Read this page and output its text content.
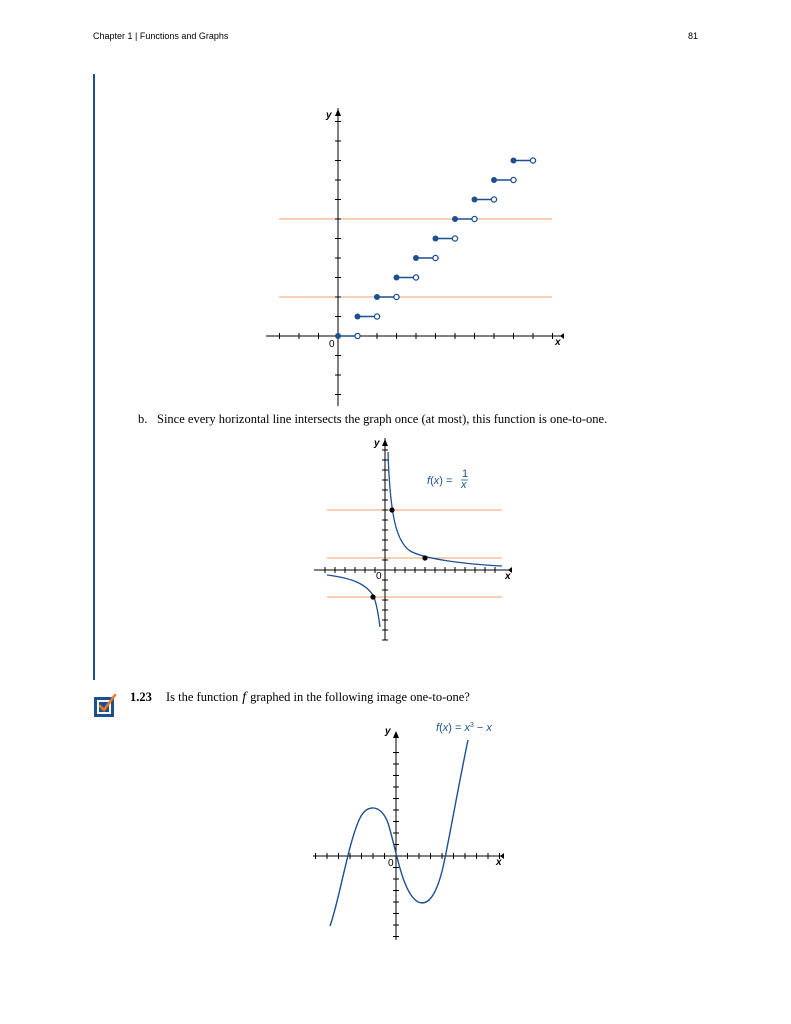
Chapter 1 | Functions and Graphs	81
x
y
0
b. Since every horizontal line intersects the graph once (at most), this function is one-to-one.
x
y
0
f(x) =
1
x
1.23 Is the function f graphed in the following image one-to-one?
x
y
0
$f(x) = x^3 - x$
